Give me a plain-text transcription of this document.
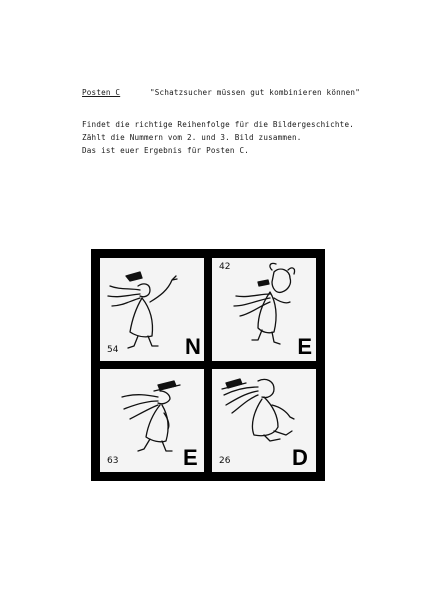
Posten C	"Schatzsucher müssen gut kombinieren können"
Findet die richtige Reihenfolge für die Bildergeschichte.
Zählt die Nummern vom 2. und 3. Bild zusammen.
Das ist euer Ergebnis für Posten C.
54	N
42
E
63	E 26	D
